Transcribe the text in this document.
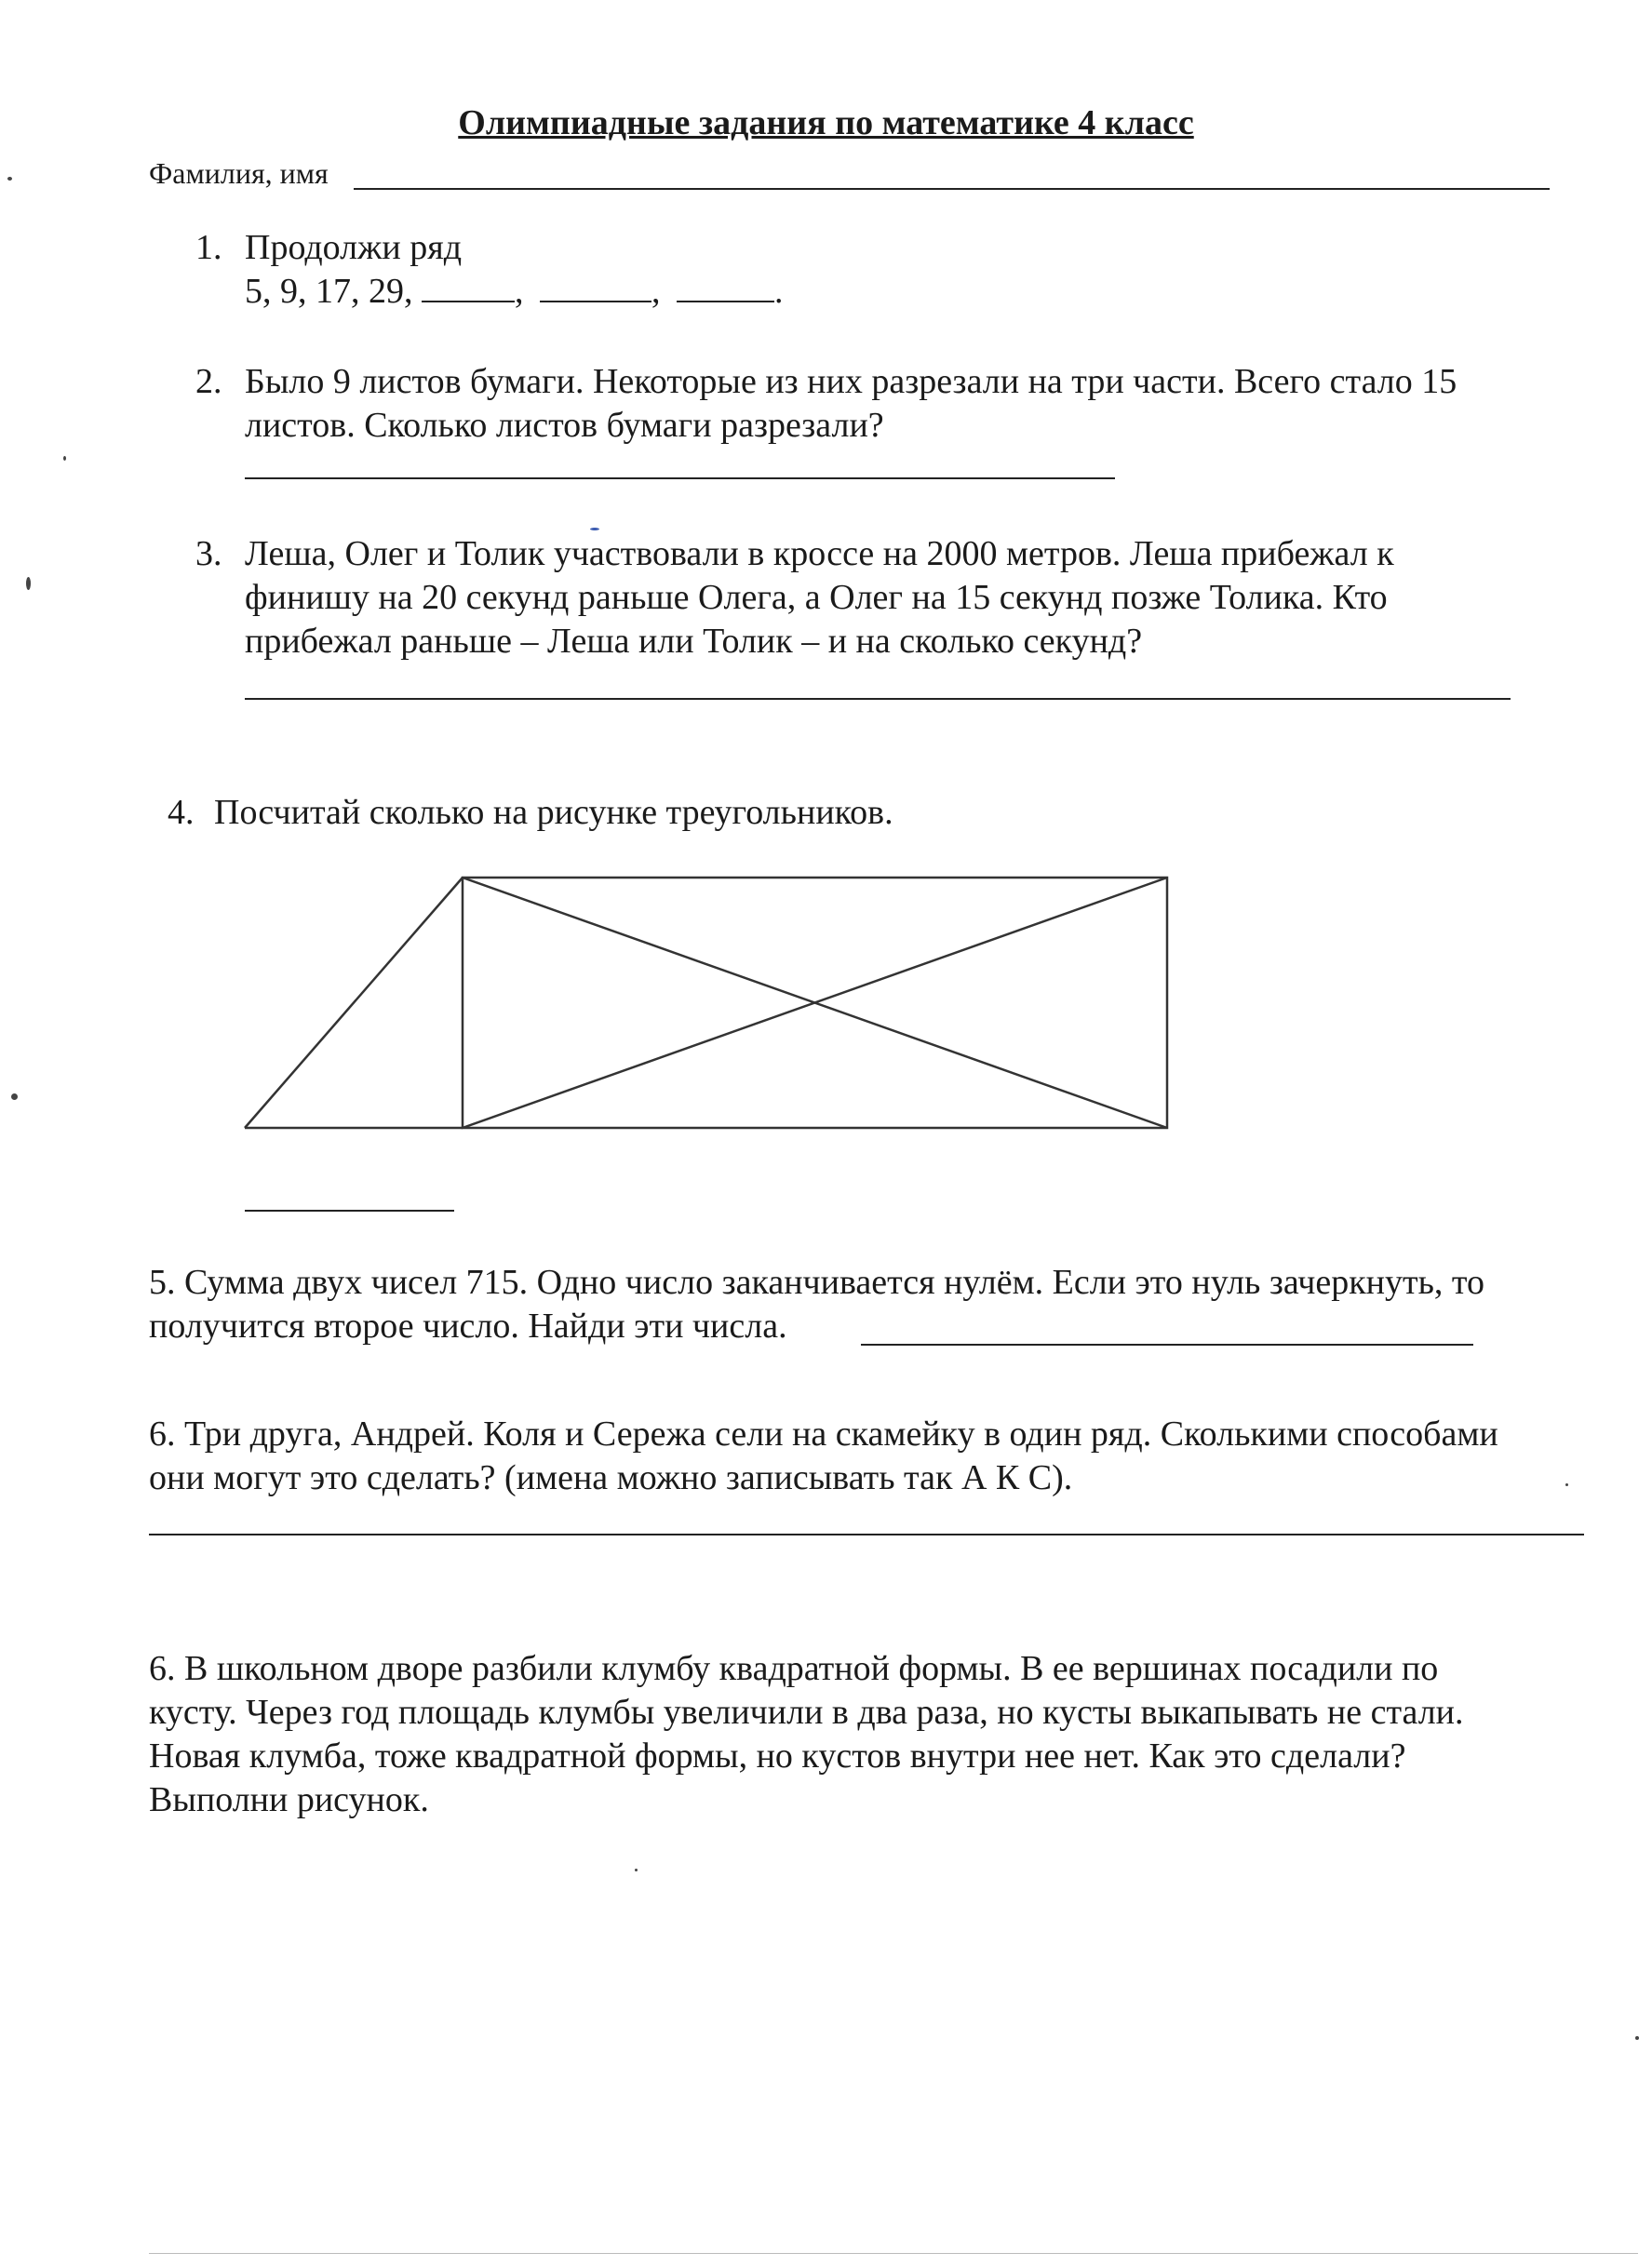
Олимпиадные задания по математике 4 класс
Фамилия, имя
1. Продолжи ряд
5, 9, 17, 29,	,	,	.
2. Было 9 листов бумаги. Некоторые из них разрезали на три части. Всего стало 15
листов. Сколько листов бумаги разрезали?
3. Леша, Олег и Толик участвовали в кроссе на 2000 метров. Леша прибежал к
финишу на 20 секунд раньше Олега, а Олег на 15 секунд позже Толика. Кто
прибежал раньше – Леша или Толик – и на сколько секунд?
4. Посчитай сколько на рисунке треугольников.
5. Сумма двух чисел 715. Одно число заканчивается нулём. Если это нуль зачеркнуть, то
получится второе число. Найди эти числа.
6. Три друга, Андрей. Коля и Сережа сели на скамейку в один ряд. Сколькими способами
они могут это сделать? (имена можно записывать так А К С).
6. В школьном дворе разбили клумбу квадратной формы. В ее вершинах посадили по
кусту. Через год площадь клумбы увеличили в два раза, но кусты выкапывать не стали.
Новая клумба, тоже квадратной формы, но кустов внутри нее нет. Как это сделали?
Выполни рисунок.
